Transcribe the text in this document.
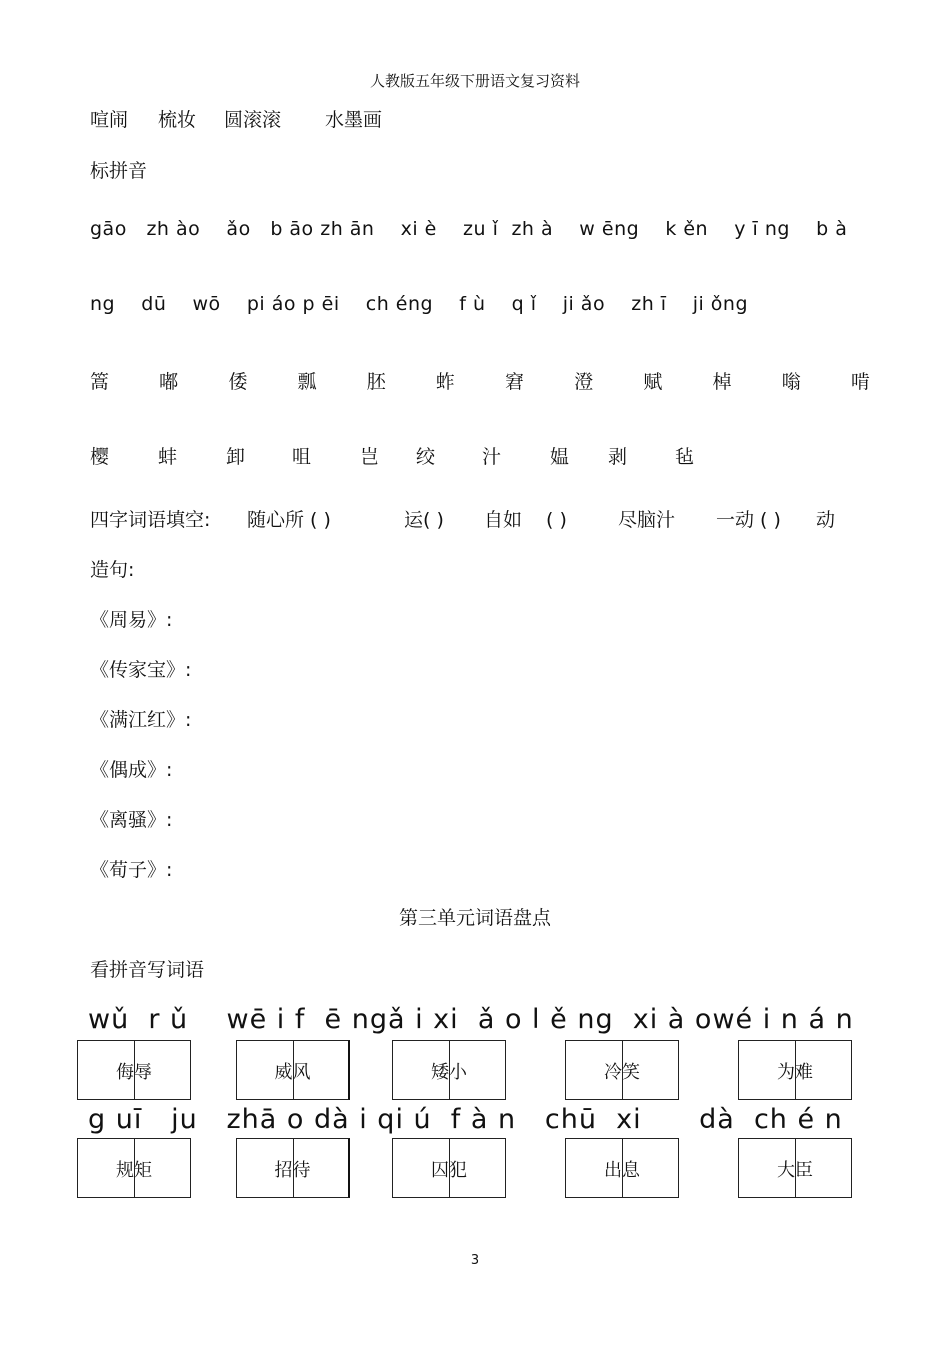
人教版五年级下册语文复习资料
喧闹 梳妆 圆滚滚 水墨画
标拼音
gāo   zh ào    ǎo   b āo zh ān    xi è    zu ǐ  zh à    w ēng    k ěn    y ī ng    b à
ng    dū    wō    pi áo p ēi    ch éng    f ù    q ǐ    ji ǎo    zh ī    ji ǒng
篙	嘟	倭	瓢	胚	蚱	窘	澄	赋	棹	嗡	啃
樱	蚌	卸 咀	岂 绞 汁	媪 剥	毡
四字词语填空: 随心所 ( )	运( ) 自如 ( )	尽脑汁 一动 ( ) 动
造句:
《周易》:
《传家宝》:
《满江红》:
《偶成》:
《离骚》:
《荀子》:
第三单元词语盘点
看拼音写词语
wǔ  r ǔ    wē i f  ē ngǎ i xi  ǎ o l ě ng  xi à owé i n á n
侮辱	威风	矮小	冷笑	为难
g uī   ju   zhā o dà i qi ú  f à n   chū  xi      dà  ch é n
规矩	招待	囚犯	出息	大臣
3
